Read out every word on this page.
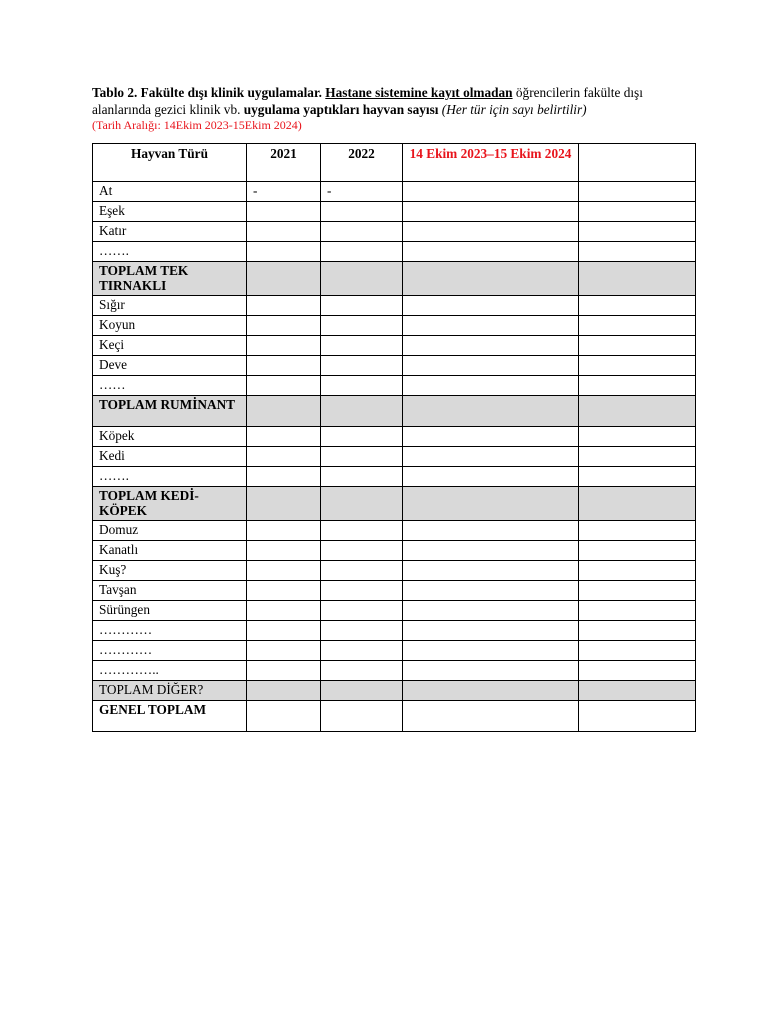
Tablo 2. Fakülte dışı klinik uygulamalar. Hastane sistemine kayıt olmadan öğrencilerin fakülte dışı alanlarında gezici klinik vb. uygulama yaptıkları hayvan sayısı (Her tür için sayı belirtilir)
(Tarih Aralığı: 14Ekim 2023-15Ekim 2024)
Hayvan Türü	2021	2022	14 Ekim 2023–15 Ekim 2024	
At	-	-		
Eşek				
Katır				
…….				
TOPLAM TEK TIRNAKLI				
Sığır				
Koyun				
Keçi				
Deve				
……				
TOPLAM RUMİNANT				
Köpek				
Kedi				
…….				
TOPLAM KEDİ-KÖPEK				
Domuz				
Kanatlı				
Kuş?				
Tavşan				
Sürüngen				
…………				
…………				
…………..				
TOPLAM DİĞER?				
GENEL TOPLAM				
